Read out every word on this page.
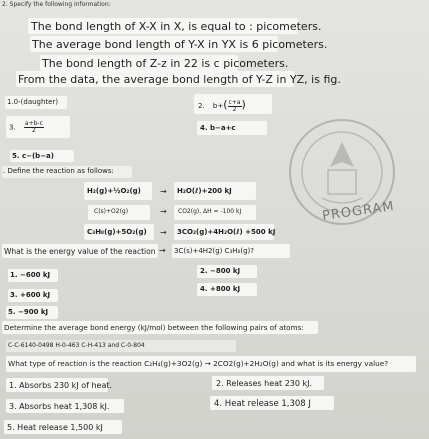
2. Specify the following information:
The bond length of X-X in X, is equal to : picometers.
The average bond length of Y-X in YX is 6 picometers.
The bond length of Z-z in 22 is c picometers.
From the data, the average bond length of Y-Z in YZ, is fig.
1.0-(daughter)	2. $b+( \frac{c+a}{2}$ )
3. $\frac{a+b-c}{2}$	4. b−a+c
5. c−(b−a)
PROGRAM
. Define the reaction as follows:
H₂(g)+½O₂(g) → H₂O(ℓ)+200 kJ
C(s)+O2(g)	→ CO2(g), ΔH = -100 kJ
C₃H₈(g)+5O₂(g) → 3CO₂(g)+4H₂O(ℓ) +500 kJ
What is the energy value of the reaction → 3C(s)+4H2(g) C₃H₈(g)?
1. −600 kJ	2. −800 kJ
3. +600 kJ
4. +800 kJ
5. −900 kJ
Determine the average bond energy (kJ/mol) between the following pairs of atoms:
C-C-6140-0498 H-0-463 C-H-413 and C-0-804
What type of reaction is the reaction C₂H₄(g)+3O2(g) → 2CO2(g)+2H₂O(g) and what is its energy value?
1. Absorbs 230 kJ of heat.	2. Releases heat 230 kJ.
3. Absorbs heat 1,308 kJ.	4. Heat release 1,308 J
5. Heat release 1,500 kJ
